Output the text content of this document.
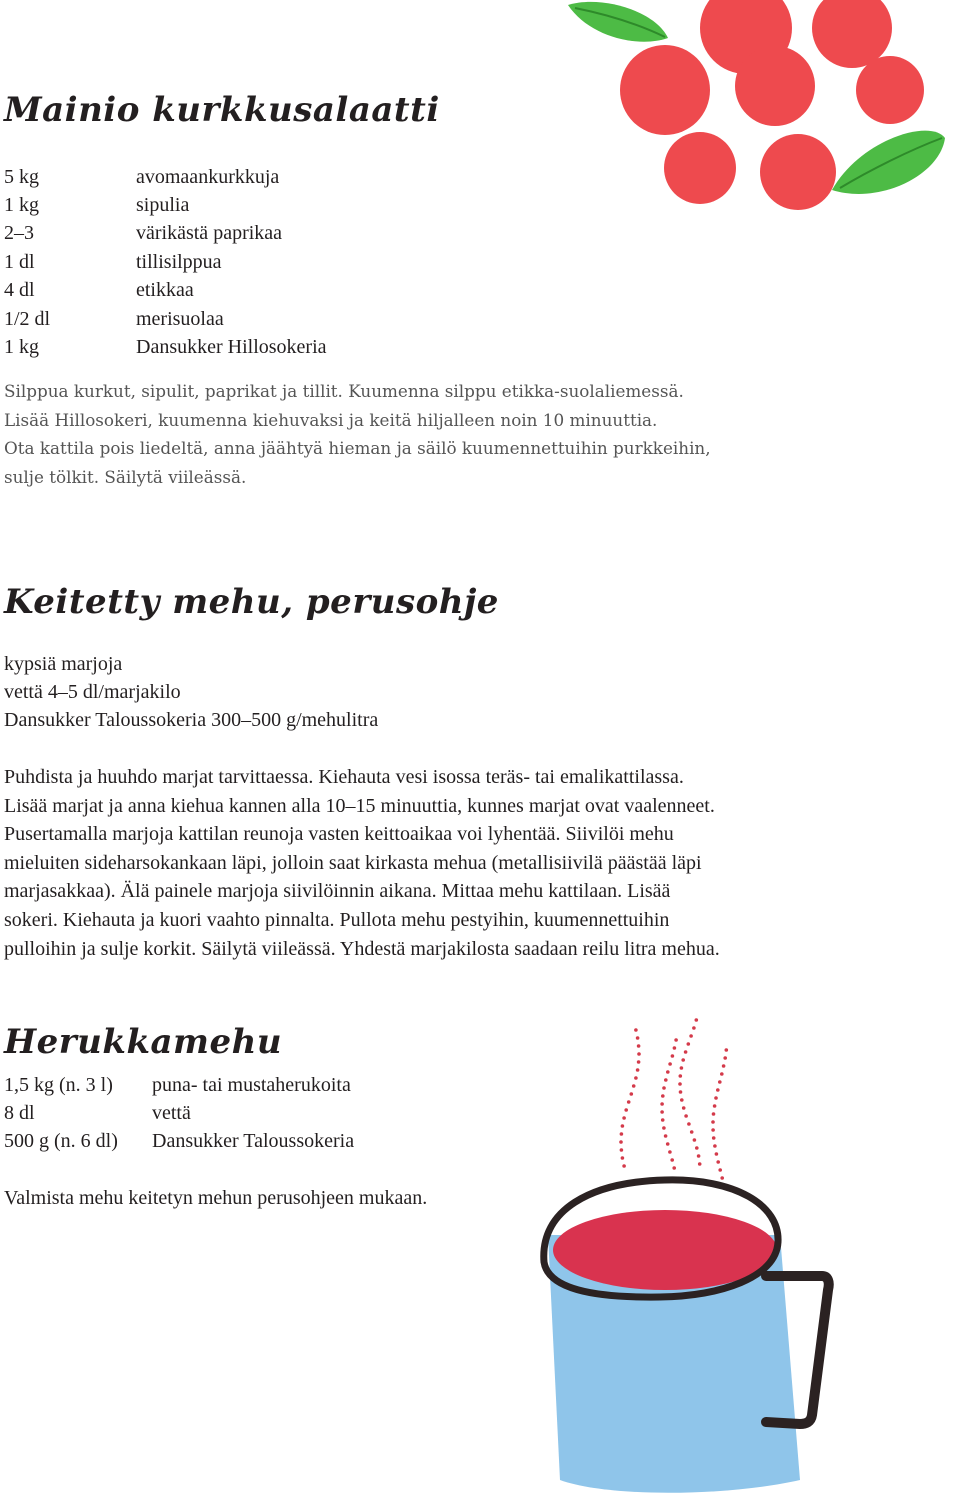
Mainio kurkkusalaatti
5 kg	avomaankurkkuja
1 kg	sipulia
2–3	värikästä paprikaa
1 dl	tillisilppua
4 dl	etikkaa
1/2 dl	merisuolaa
1 kg	Dansukker Hillosokeria

Silppua kurkut, sipulit, paprikat ja tillit. Kuumenna silppu etikka-suolaliemessä.
Lisää Hillosokeri, kuumenna kiehuvaksi ja keitä hiljalleen noin 10 minuuttia.
Ota kattila pois liedeltä, anna jäähtyä hieman ja säilö kuumennettuihin purkkeihin,
sulje tölkit. Säilytä viileässä.

Keitetty mehu, perusohje
kypsiä marjoja
vettä 4–5 dl/marjakilo
Dansukker Taloussokeria 300–500 g/mehulitra

Puhdista ja huuhdo marjat tarvittaessa. Kiehauta vesi isossa teräs- tai emalikattilassa.
Lisää marjat ja anna kiehua kannen alla 10–15 minuuttia, kunnes marjat ovat vaalenneet.
Pusertamalla marjoja kattilan reunoja vasten keittoaikaa voi lyhentää. Siivilöi mehu
mieluiten sideharsokankaan läpi, jolloin saat kirkasta mehua (metallisiivilä päästää läpi
marjasakkaa). Älä painele marjoja siivilöinnin aikana. Mittaa mehu kattilaan. Lisää
sokeri. Kiehauta ja kuori vaahto pinnalta. Pullota mehu pestyihin, kuumennettuihin
pulloihin ja sulje korkit. Säilytä viileässä. Yhdestä marjakilosta saadaan reilu litra mehua.

Herukkamehu
1,5 kg (n. 3 l)	puna- tai mustaherukoita
8 dl	vettä
500 g (n. 6 dl)	Dansukker Taloussokeria

Valmista mehu keitetyn mehun perusohjeen mukaan.
